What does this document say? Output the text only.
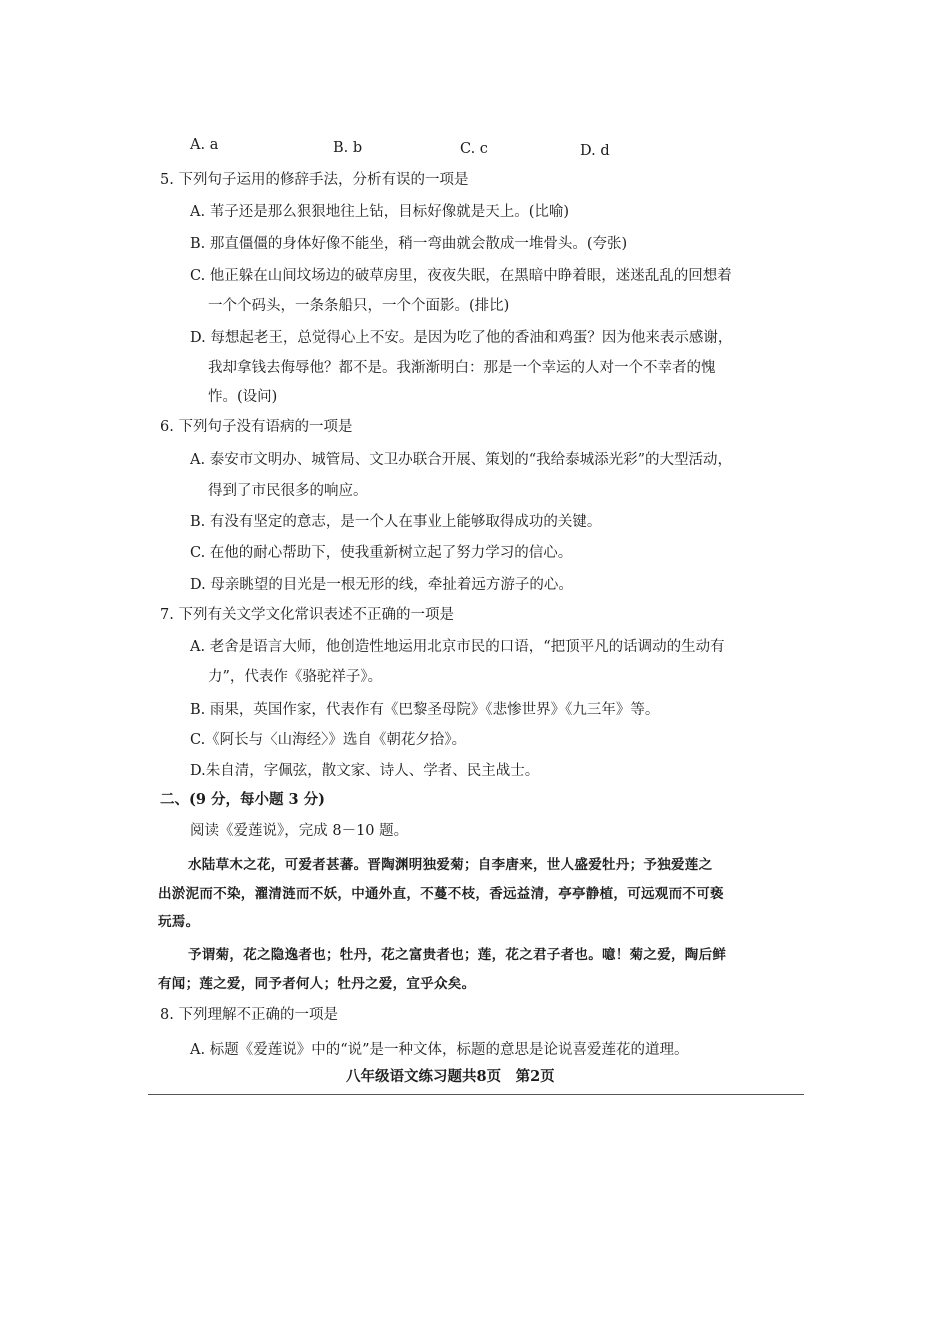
A. a	B. b	C. c	D. d
5. 下列句子运用的修辞手法，分析有误的一项是
A. 苇子还是那么狠狠地往上钻，目标好像就是天上。(比喻)
B. 那直僵僵的身体好像不能坐，稍一弯曲就会散成一堆骨头。(夸张)
C. 他正躲在山间坟场边的破草房里，夜夜失眠，在黑暗中睁着眼，迷迷乱乱的回想着
一个个码头，一条条船只，一个个面影。(排比)
D. 每想起老王，总觉得心上不安。是因为吃了他的香油和鸡蛋？因为他来表示感谢，
我却拿钱去侮辱他？都不是。我渐渐明白：那是一个幸运的人对一个不幸者的愧
怍。(设问)
6. 下列句子没有语病的一项是
A. 泰安市文明办、城管局、文卫办联合开展、策划的“我给泰城添光彩”的大型活动，
得到了市民很多的响应。
B. 有没有坚定的意志，是一个人在事业上能够取得成功的关键。
C. 在他的耐心帮助下，使我重新树立起了努力学习的信心。
D. 母亲眺望的目光是一根无形的线，牵扯着远方游子的心。
7. 下列有关文学文化常识表述不正确的一项是
A. 老舍是语言大师，他创造性地运用北京市民的口语，“把顶平凡的话调动的生动有
力”，代表作《骆驼祥子》。
B. 雨果，英国作家，代表作有《巴黎圣母院》《悲惨世界》《九三年》等。
C.《阿长与〈山海经〉》选自《朝花夕拾》。
D.朱自清，字佩弦，散文家、诗人、学者、民主战士。
二、(9 分，每小题 3 分)
阅读《爱莲说》，完成 8－10 题。
水陆草木之花，可爱者甚蕃。晋陶渊明独爱菊；自李唐来，世人盛爱牡丹；予独爱莲之
出淤泥而不染，濯清涟而不妖，中通外直，不蔓不枝，香远益清，亭亭静植，可远观而不可亵
玩焉。
予谓菊，花之隐逸者也；牡丹，花之富贵者也；莲，花之君子者也。噫！菊之爱，陶后鲜
有闻；莲之爱，同予者何人；牡丹之爱，宜乎众矣。
8. 下列理解不正确的一项是
A. 标题《爱莲说》中的“说”是一种文体，标题的意思是论说喜爱莲花的道理。
八年级语文练习题共8页　第2页
